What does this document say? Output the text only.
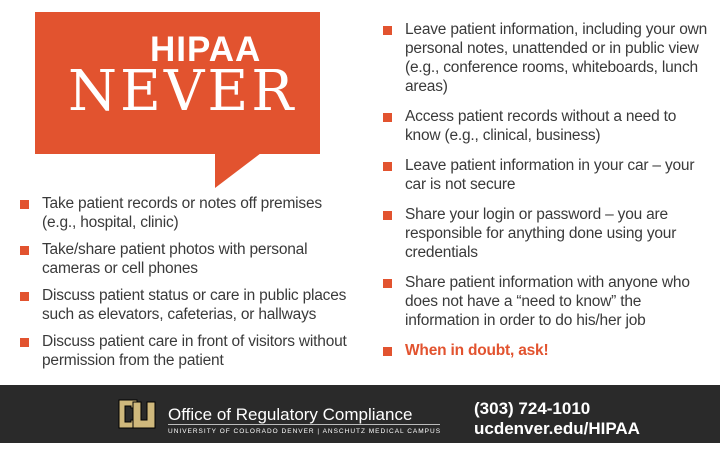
HIPAA
NEVER
Take patient records or notes off premises (e.g., hospital, clinic)
Take/share patient photos with personal cameras or cell phones
Discuss patient status or care in public places such as elevators, cafeterias, or hallways
Discuss patient care in front of visitors without permission from the patient
Leave patient information, including your own personal notes, unattended or in public view (e.g., conference rooms, whiteboards, lunch areas)
Access patient records without a need to know (e.g., clinical, business)
Leave patient information in your car – your car is not secure
Share your login or password – you are responsible for anything done using your credentials
Share patient information with anyone who does not have a “need to know” the information in order to do his/her job
When in doubt, ask!
Office of Regulatory Compliance
UNIVERSITY OF COLORADO DENVER | ANSCHUTZ MEDICAL CAMPUS
(303) 724-1010
ucdenver.edu/HIPAA
